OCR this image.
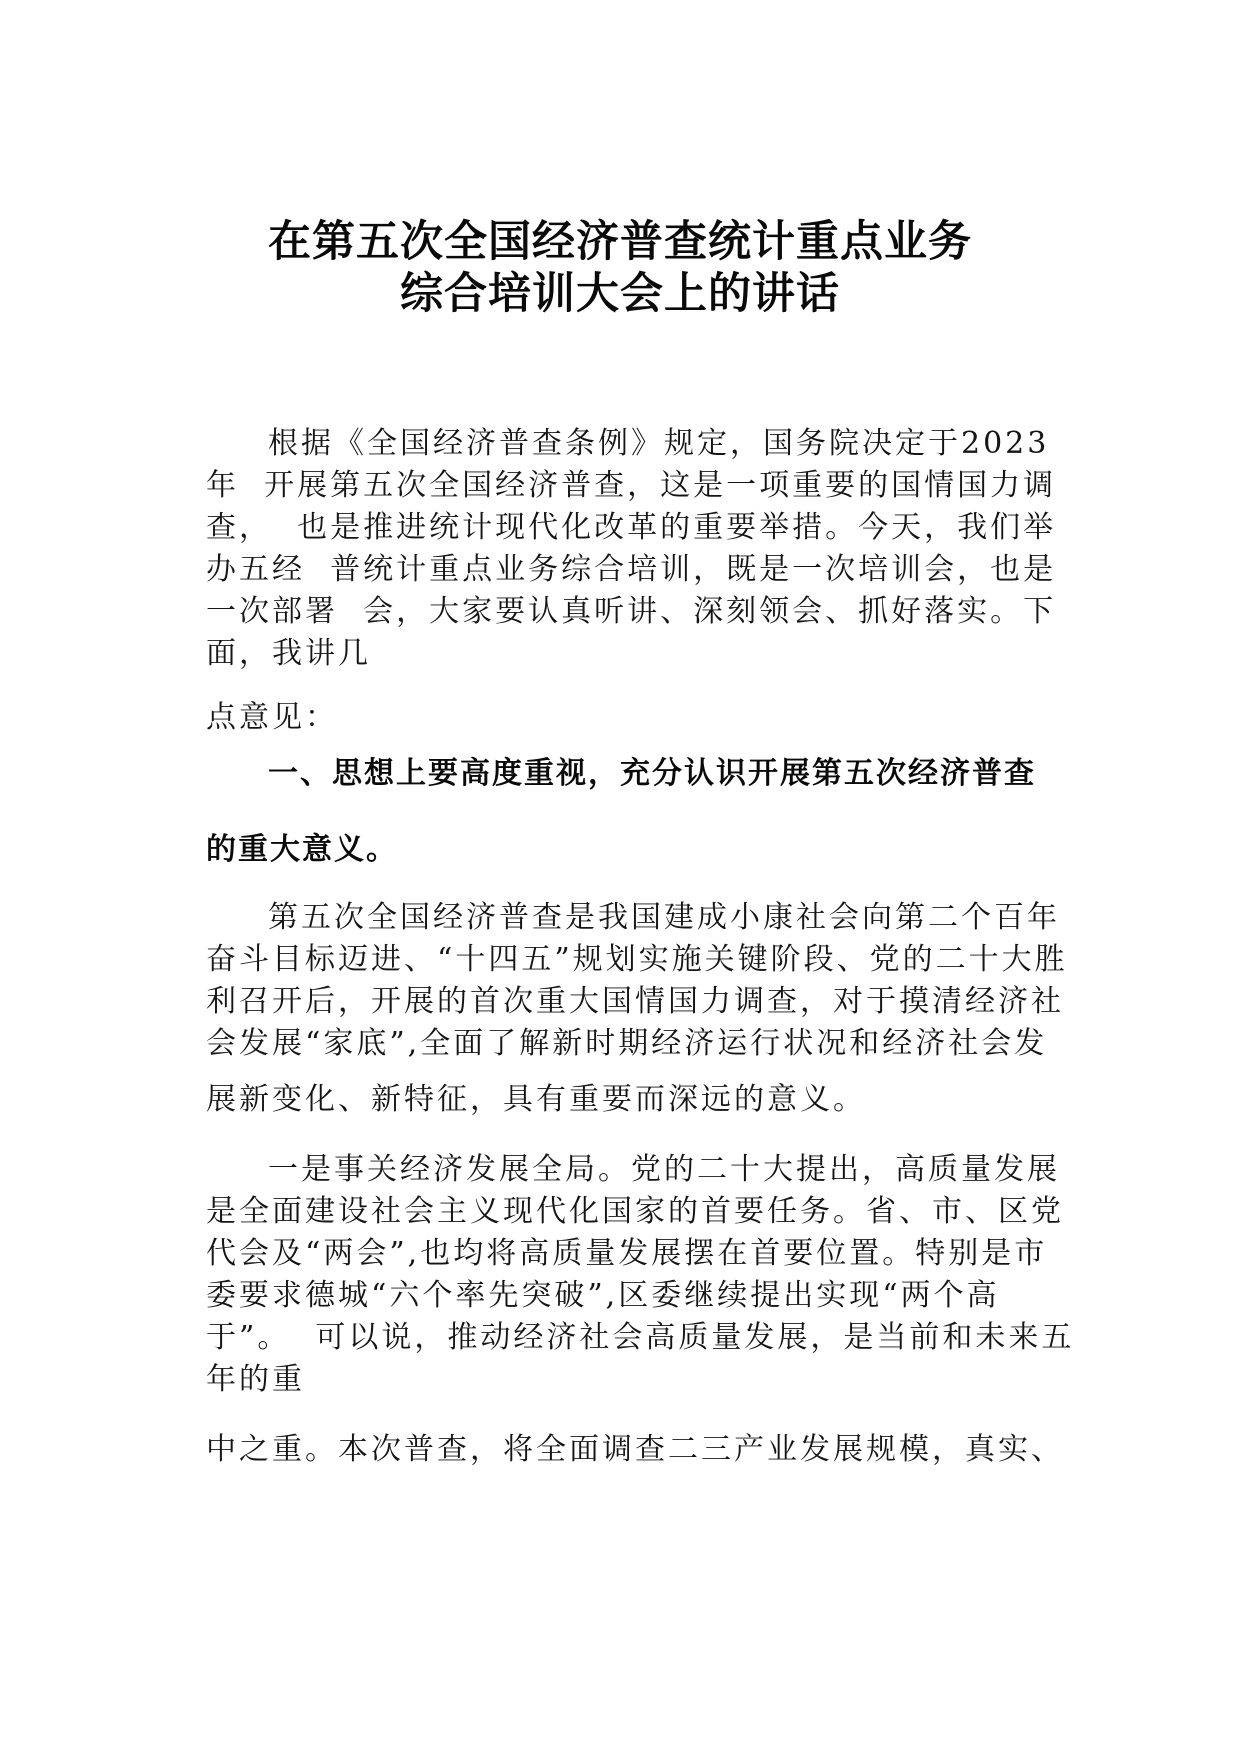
在第五次全国经济普查统计重点业务
综合培训大会上的讲话
根据《全国经济普查条例》规定，国务院决定于2023
年  开展第五次全国经济普查，这是一项重要的国情国力调
查，  也是推进统计现代化改革的重要举措。今天，我们举
办五经  普统计重点业务综合培训，既是一次培训会，也是
一次部署  会，大家要认真听讲、深刻领会、抓好落实。下
面，我讲几
点意见：
一、思想上要高度重视，充分认识开展第五次经济普查
的重大意义。
第五次全国经济普查是我国建成小康社会向第二个百年
奋斗目标迈进、“十四五”规划实施关键阶段、党的二十大胜
利召开后，开展的首次重大国情国力调查，对于摸清经济社
会发展“家底”,全面了解新时期经济运行状况和经济社会发
展新变化、新特征，具有重要而深远的意义。
一是事关经济发展全局。党的二十大提出，高质量发展
是全面建设社会主义现代化国家的首要任务。省、市、区党
代会及“两会”,也均将高质量发展摆在首要位置。特别是市
委要求德城“六个率先突破”,区委继续提出实现“两个高
于”。  可以说，推动经济社会高质量发展，是当前和未来五
年的重
中之重。本次普查，将全面调查二三产业发展规模，真实、
